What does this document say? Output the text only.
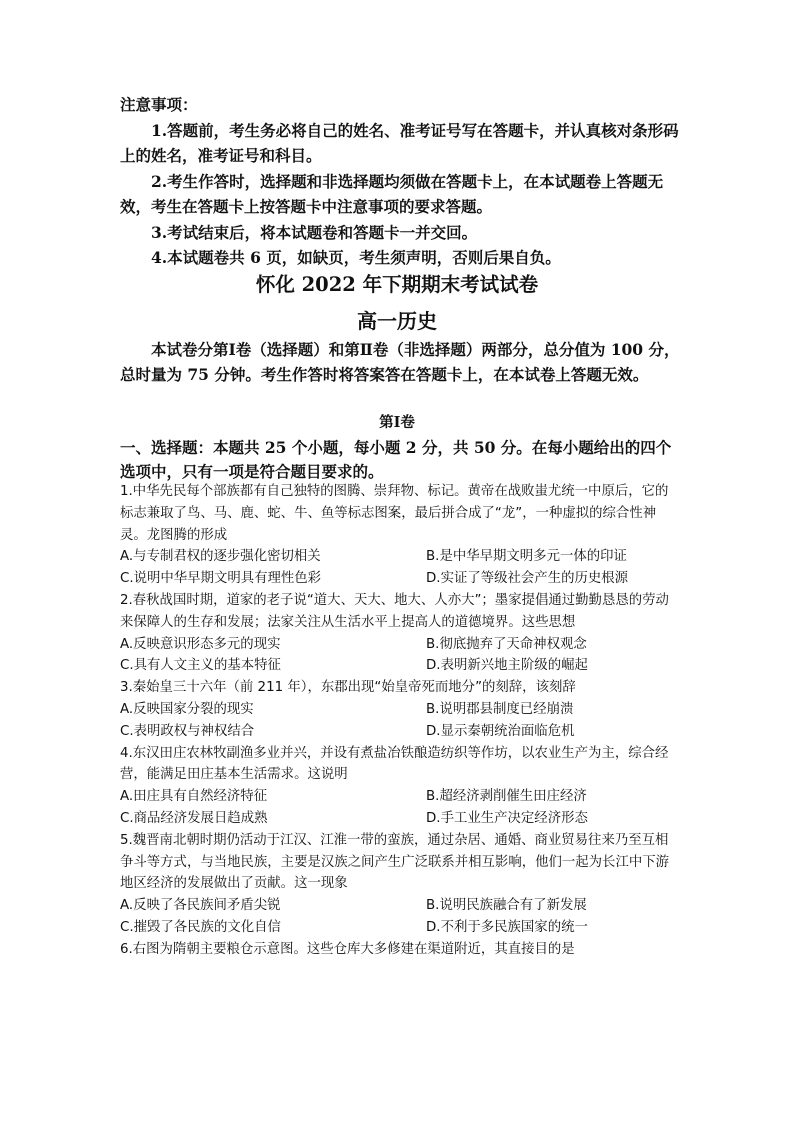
注意事项：

1.答题前，考生务必将自己的姓名、准考证号写在答题卡，并认真核对条形码上的姓名，准考证号和科目。

2.考生作答时，选择题和非选择题均须做在答题卡上，在本试题卷上答题无效，考生在答题卡上按答题卡中注意事项的要求答题。

3.考试结束后，将本试题卷和答题卡一并交回。

4.本试题卷共 6 页，如缺页，考生须声明，否则后果自负。

怀化 2022 年下期期末考试试卷
高一历史

本试卷分第Ⅰ卷（选择题）和第Ⅱ卷（非选择题）两部分，总分值为 100 分，总时量为 75 分钟。考生作答时将答案答在答题卡上，在本试卷上答题无效。

第Ⅰ卷

一、选择题：本题共 25 个小题，每小题 2 分，共 50 分。在每小题给出的四个选项中，只有一项是符合题目要求的。

1.中华先民每个部族都有自己独特的图腾、崇拜物、标记。黄帝在战败蚩尤统一中原后，它的标志兼取了鸟、马、鹿、蛇、牛、鱼等标志图案，最后拼合成了“龙”，一种虚拟的综合性神灵。龙图腾的形成

A.与专制君权的逐步强化密切相关	B.是中华早期文明多元一体的印证
C.说明中华早期文明具有理性色彩	D.实证了等级社会产生的历史根源

2.春秋战国时期，道家的老子说“道大、天大、地大、人亦大”；墨家提倡通过勤勤恳恳的劳动来保障人的生存和发展；法家关注从生活水平上提高人的道德境界。这些思想

A.反映意识形态多元的现实	B.彻底抛弃了天命神权观念
C.具有人文主义的基本特征	D.表明新兴地主阶级的崛起

3.秦始皇三十六年（前 211 年），东郡出现“始皇帝死而地分”的刻辞，该刻辞

A.反映国家分裂的现实	B.说明郡县制度已经崩溃
C.表明政权与神权结合	D.显示秦朝统治面临危机

4.东汉田庄农林牧副渔多业并兴，并设有煮盐冶铁酿造纺织等作坊，以农业生产为主，综合经营，能满足田庄基本生活需求。这说明

A.田庄具有自然经济特征	B.超经济剥削催生田庄经济
C.商品经济发展日趋成熟	D.手工业生产决定经济形态

5.魏晋南北朝时期仍活动于江汉、江淮一带的蛮族，通过杂居、通婚、商业贸易往来乃至互相争斗等方式，与当地民族，主要是汉族之间产生广泛联系并相互影响，他们一起为长江中下游地区经济的发展做出了贡献。这一现象

A.反映了各民族间矛盾尖锐	B.说明民族融合有了新发展
C.摧毁了各民族的文化自信	D.不利于多民族国家的统一

6.右图为隋朝主要粮仓示意图。这些仓库大多修建在渠道附近，其直接目的是
